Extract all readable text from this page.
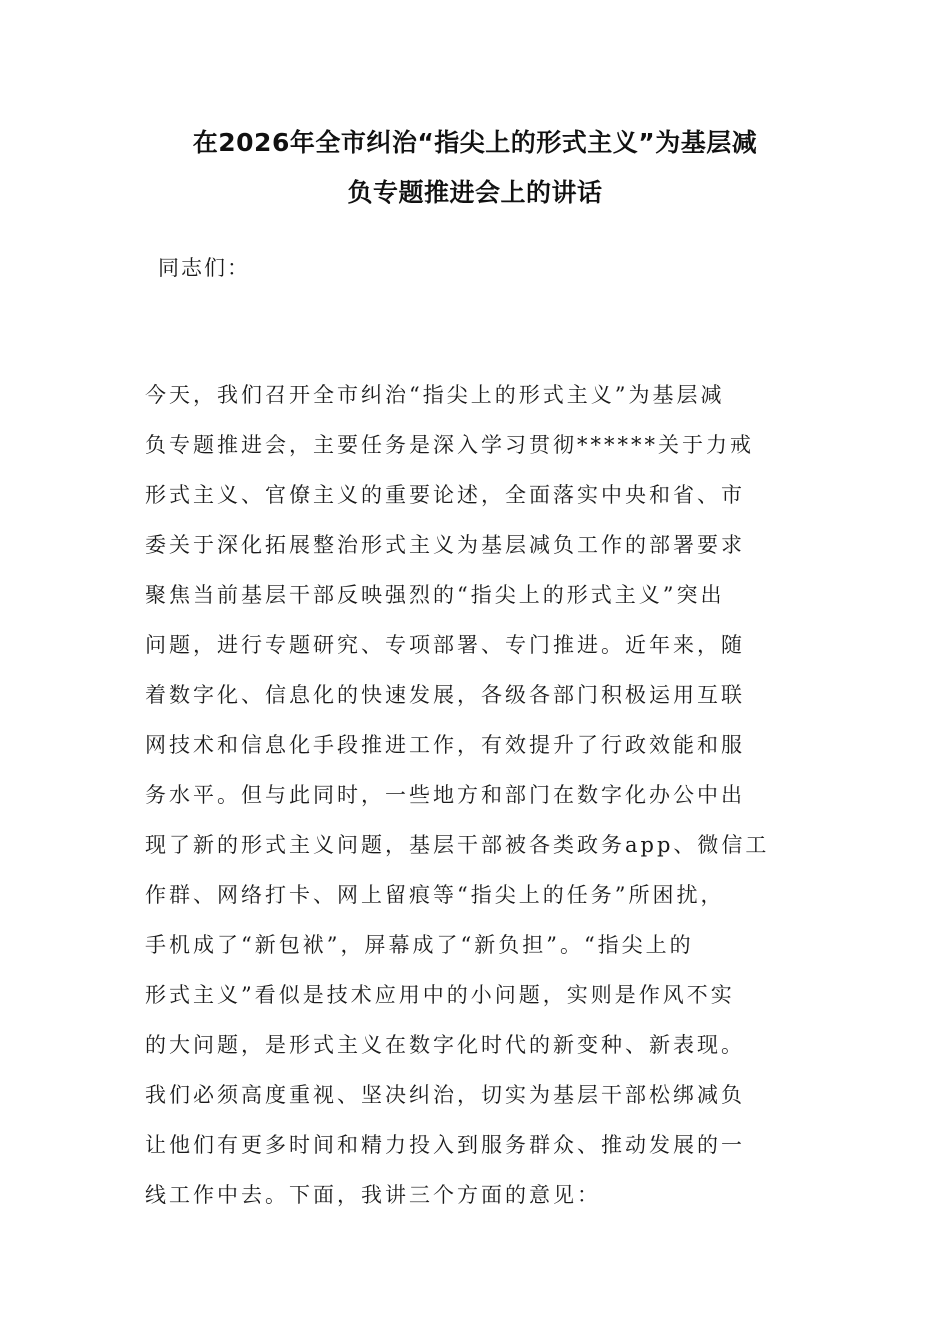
在2026年全市纠治“指尖上的形式主义”为基层减
负专题推进会上的讲话
同志们：
今天，我们召开全市纠治“指尖上的形式主义”为基层减
负专题推进会，主要任务是深入学习贯彻******关于力戒
形式主义、官僚主义的重要论述，全面落实中央和省、市
委关于深化拓展整治形式主义为基层减负工作的部署要求
聚焦当前基层干部反映强烈的“指尖上的形式主义”突出
问题，进行专题研究、专项部署、专门推进。近年来，随
着数字化、信息化的快速发展，各级各部门积极运用互联
网技术和信息化手段推进工作，有效提升了行政效能和服
务水平。但与此同时，一些地方和部门在数字化办公中出
现了新的形式主义问题，基层干部被各类政务app、微信工
作群、网络打卡、网上留痕等“指尖上的任务”所困扰，
手机成了“新包袱”，屏幕成了“新负担”。“指尖上的
形式主义”看似是技术应用中的小问题，实则是作风不实
的大问题，是形式主义在数字化时代的新变种、新表现。
我们必须高度重视、坚决纠治，切实为基层干部松绑减负
让他们有更多时间和精力投入到服务群众、推动发展的一
线工作中去。下面，我讲三个方面的意见：
